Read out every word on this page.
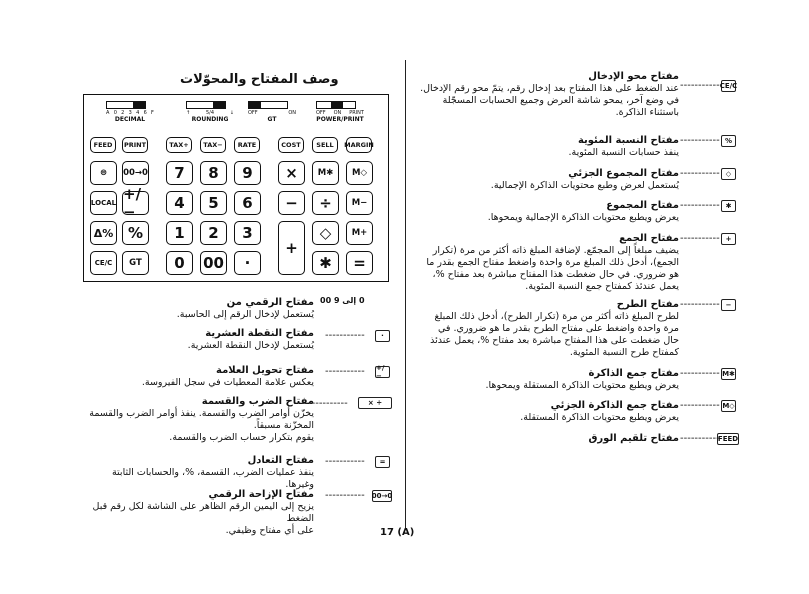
وصف المفتاح والمحوّلات
A 0 2 3 4 6 F
DECIMAL
↑	5/4	↓
ROUNDING
OFF	ON
GT
OFF ON PRINT
POWER/PRINT
FEED	PRINT	TAX+	TAX−	RATE	COST	SELL	MARGIN
⊜	00→0	7	8	9	×	M✱	M◇
LOCAL +/−	4	5	6	−	÷	M−
Δ% %	1	2	3
+
◇	M+
CE/C	GT	0	00	·	✱	=
مفتاح محو الإدخال
عند الضغط على هذا المفتاح بعد إدخال رقم، يتمّ محو رقم الإدخال.
في وضع آخر، يمحو شاشة العرض وجميع الحسابات المسجّلة
باستثناء الذاكرة.
----------- CE/C
مفتاح النسبة المئوية
ينفذ حسابات النسبة المئوية.
----------- %
مفتاح المجموع الجزئي
يُستعمل لعرض وطبع محتويات الذاكرة الإجمالية.
----------- ◇
مفتاح المجموع
يعرض ويطبع محتويات الذاكرة الإجمالية ويمحوها.
----------- ✱
مفتاح الجمع
يضيف مبلغاً إلى المجمّع. لإضافة المبلغ ذاته أكثر من مرة (تكرار
الجمع)، أدخل ذلك المبلغ مرة واحدة واضغط مفتاح الجمع بقدر ما
هو ضروري. في حال ضغطت هذا المفتاح مباشرة بعد مفتاح %،
يعمل عندئذ كمفتاح جمع النسبة المئوية.
----------- +
مفتاح الطرح
لطرح المبلغ ذاته أكثر من مرة (تكرار الطرح)، أدخل ذلك المبلغ
مرة واحدة واضغط على مفتاح الطرح بقدر ما هو ضروري. في
حال ضغطت على هذا المفتاح مباشرة بعد مفتاح %، يعمل عندئذ
كمفتاح طرح النسبة المئوية.
----------- −
مفتاح جمع الذاكرة
يعرض ويطبع محتويات الذاكرة المستقلة ويمحوها.
----------- M✱
مفتاح جمع الذاكرة الجزئي
يعرض ويطبع محتويات الذاكرة المستقلة.
----------- M◇
مفتاح تلقيم الورق -----------
FEED
مفتاح الرقمي من
يُستعمل لإدخال الرقم إلى الحاسبة.
0 إلى 9 00
مفتاح النقطة العشرية
يُستعمل لإدخال النقطة العشرية.
-----------	·
مفتاح تحويل العلامة
يعكس علامة المعطيات في سجل الفيروسة.
----------- +/−
مفتاح الضرب والقسمة
يخزّن أوامر الضرب والقسمة. ينفذ أوامر الضرب والقسمة
المخزّنة مسبقاً.
يقوم بتكرار حساب الضرب والقسمة.
-----------	× ÷
مفتاح التعادل
ينفذ عمليات الضرب، القسمة، %، والحسابات الثابتة وغيرها.
-----------	=
مفتاح الإزاحة الرقمي
يزيح إلى اليمين الرقم الظاهر على الشاشة لكل رقم قبل الضغط
على أي مفتاح وظيفي.
----------- 00→0
17 (A)
